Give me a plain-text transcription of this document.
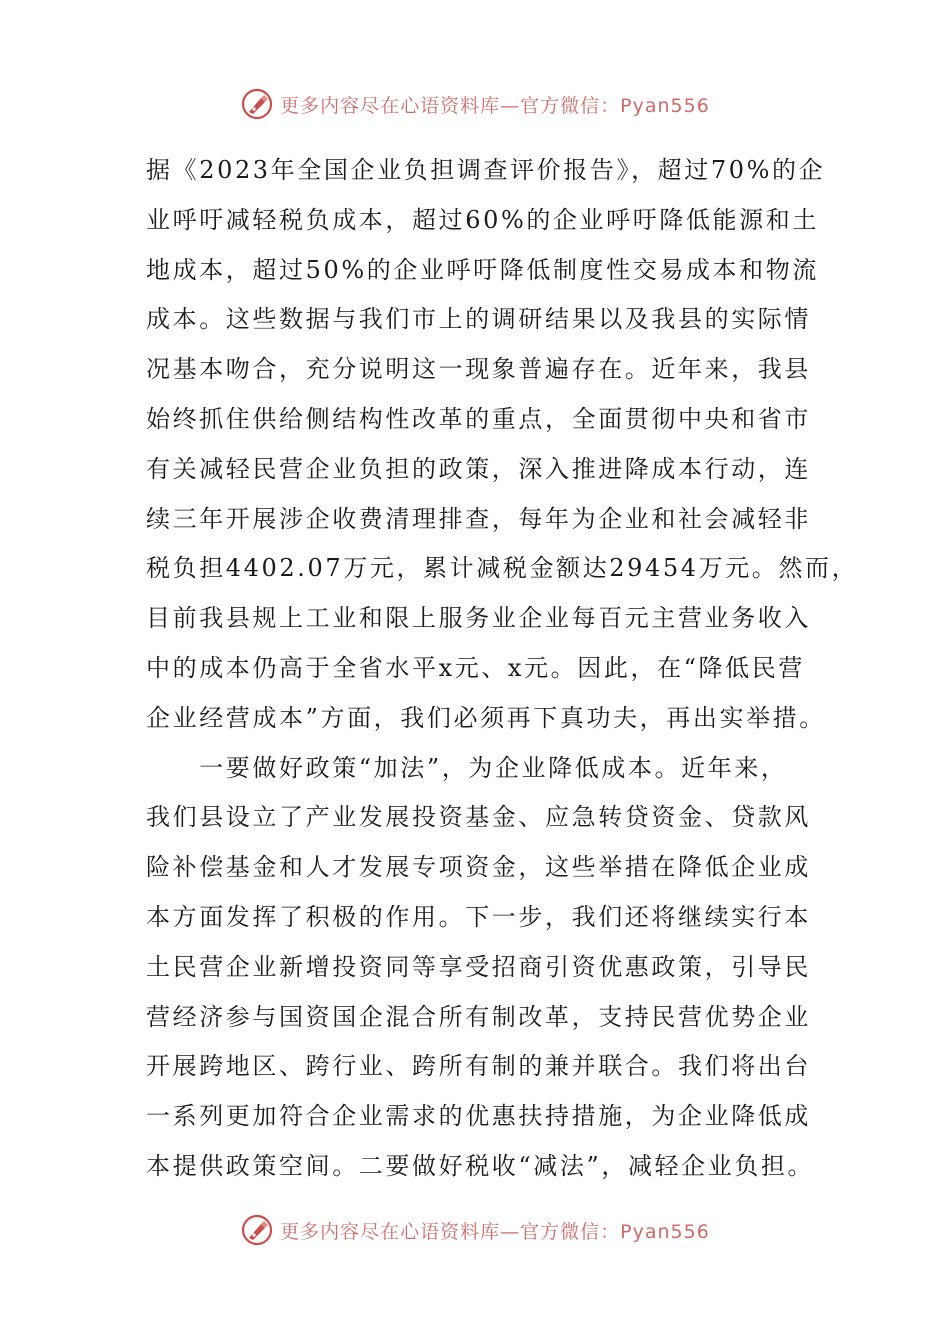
更多内容尽在心语资料库—官方微信：Pyan556
据《2023年全国企业负担调查评价报告》，超过70%的企
业呼吁减轻税负成本，超过60%的企业呼吁降低能源和土
地成本，超过50%的企业呼吁降低制度性交易成本和物流
成本。这些数据与我们市上的调研结果以及我县的实际情
况基本吻合，充分说明这一现象普遍存在。近年来，我县
始终抓住供给侧结构性改革的重点，全面贯彻中央和省市
有关减轻民营企业负担的政策，深入推进降成本行动，连
续三年开展涉企收费清理排查，每年为企业和社会减轻非
税负担4402.07万元，累计减税金额达29454万元。然而，
目前我县规上工业和限上服务业企业每百元主营业务收入
中的成本仍高于全省水平x元、x元。因此，在“降低民营
企业经营成本”方面，我们必须再下真功夫，再出实举措。
　　一要做好政策“加法”，为企业降低成本。近年来，
我们县设立了产业发展投资基金、应急转贷资金、贷款风
险补偿基金和人才发展专项资金，这些举措在降低企业成
本方面发挥了积极的作用。下一步，我们还将继续实行本
土民营企业新增投资同等享受招商引资优惠政策，引导民
营经济参与国资国企混合所有制改革，支持民营优势企业
开展跨地区、跨行业、跨所有制的兼并联合。我们将出台
一系列更加符合企业需求的优惠扶持措施，为企业降低成
本提供政策空间。二要做好税收“减法”，减轻企业负担。
更多内容尽在心语资料库—官方微信：Pyan556
